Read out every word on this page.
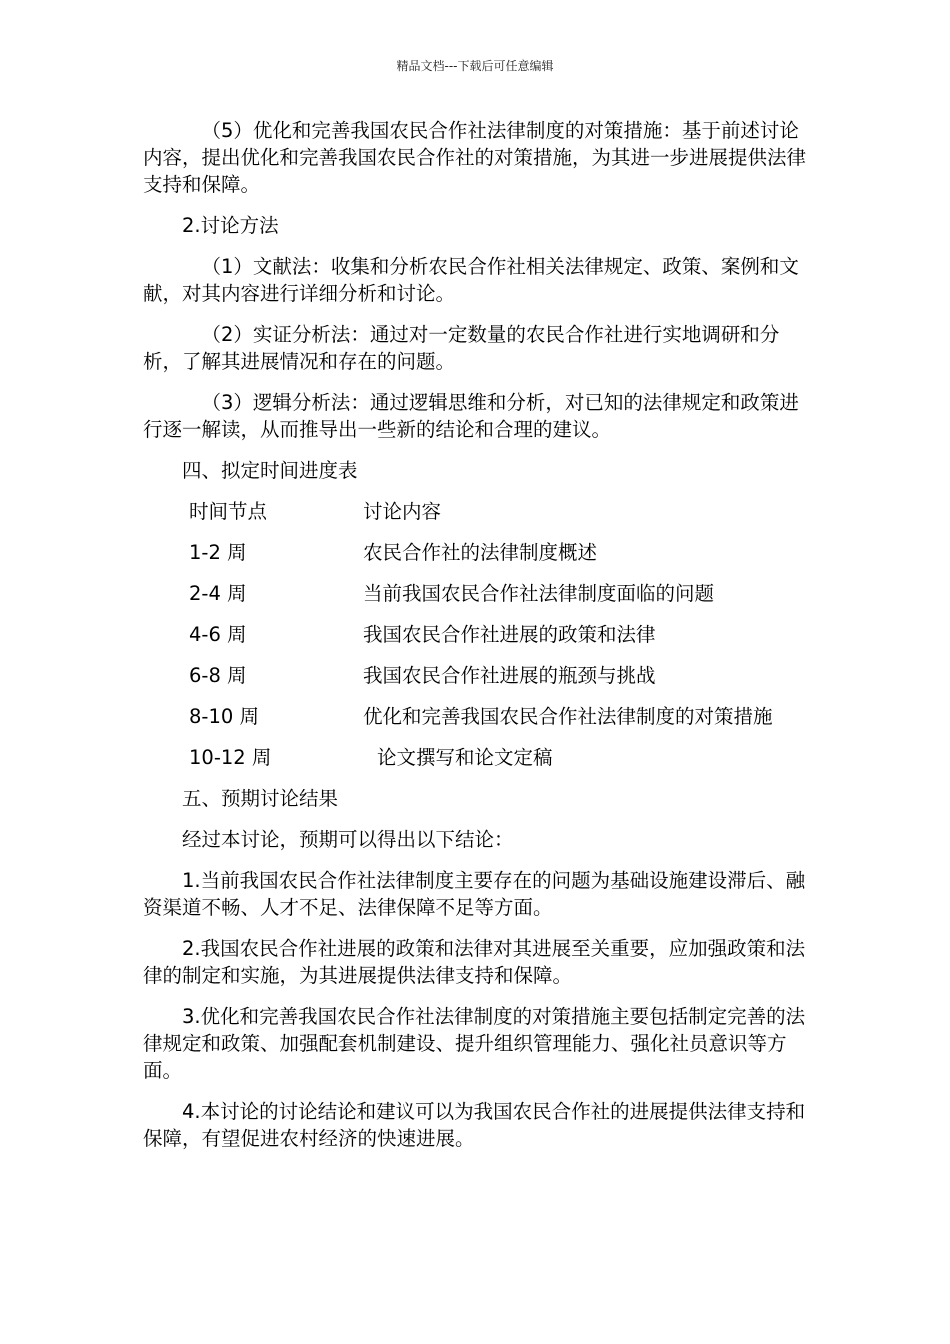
精品文档---下载后可任意编辑

（5）优化和完善我国农民合作社法律制度的对策措施：基于前述讨论内容，提出优化和完善我国农民合作社的对策措施，为其进一步进展提供法律支持和保障。

2.讨论方法

（1）文献法：收集和分析农民合作社相关法律规定、政策、案例和文献，对其内容进行详细分析和讨论。

（2）实证分析法：通过对一定数量的农民合作社进行实地调研和分析，了解其进展情况和存在的问题。

（3）逻辑分析法：通过逻辑思维和分析，对已知的法律规定和政策进行逐一解读，从而推导出一些新的结论和合理的建议。

四、拟定时间进度表

时间节点	讨论内容
1-2 周	农民合作社的法律制度概述
2-4 周	当前我国农民合作社法律制度面临的问题
4-6 周	我国农民合作社进展的政策和法律
6-8 周	我国农民合作社进展的瓶颈与挑战
8-10 周	优化和完善我国农民合作社法律制度的对策措施
10-12 周	论文撰写和论文定稿

五、预期讨论结果

经过本讨论，预期可以得出以下结论：

1.当前我国农民合作社法律制度主要存在的问题为基础设施建设滞后、融资渠道不畅、人才不足、法律保障不足等方面。

2.我国农民合作社进展的政策和法律对其进展至关重要，应加强政策和法律的制定和实施，为其进展提供法律支持和保障。

3.优化和完善我国农民合作社法律制度的对策措施主要包括制定完善的法律规定和政策、加强配套机制建设、提升组织管理能力、强化社员意识等方面。

4.本讨论的讨论结论和建议可以为我国农民合作社的进展提供法律支持和保障，有望促进农村经济的快速进展。
